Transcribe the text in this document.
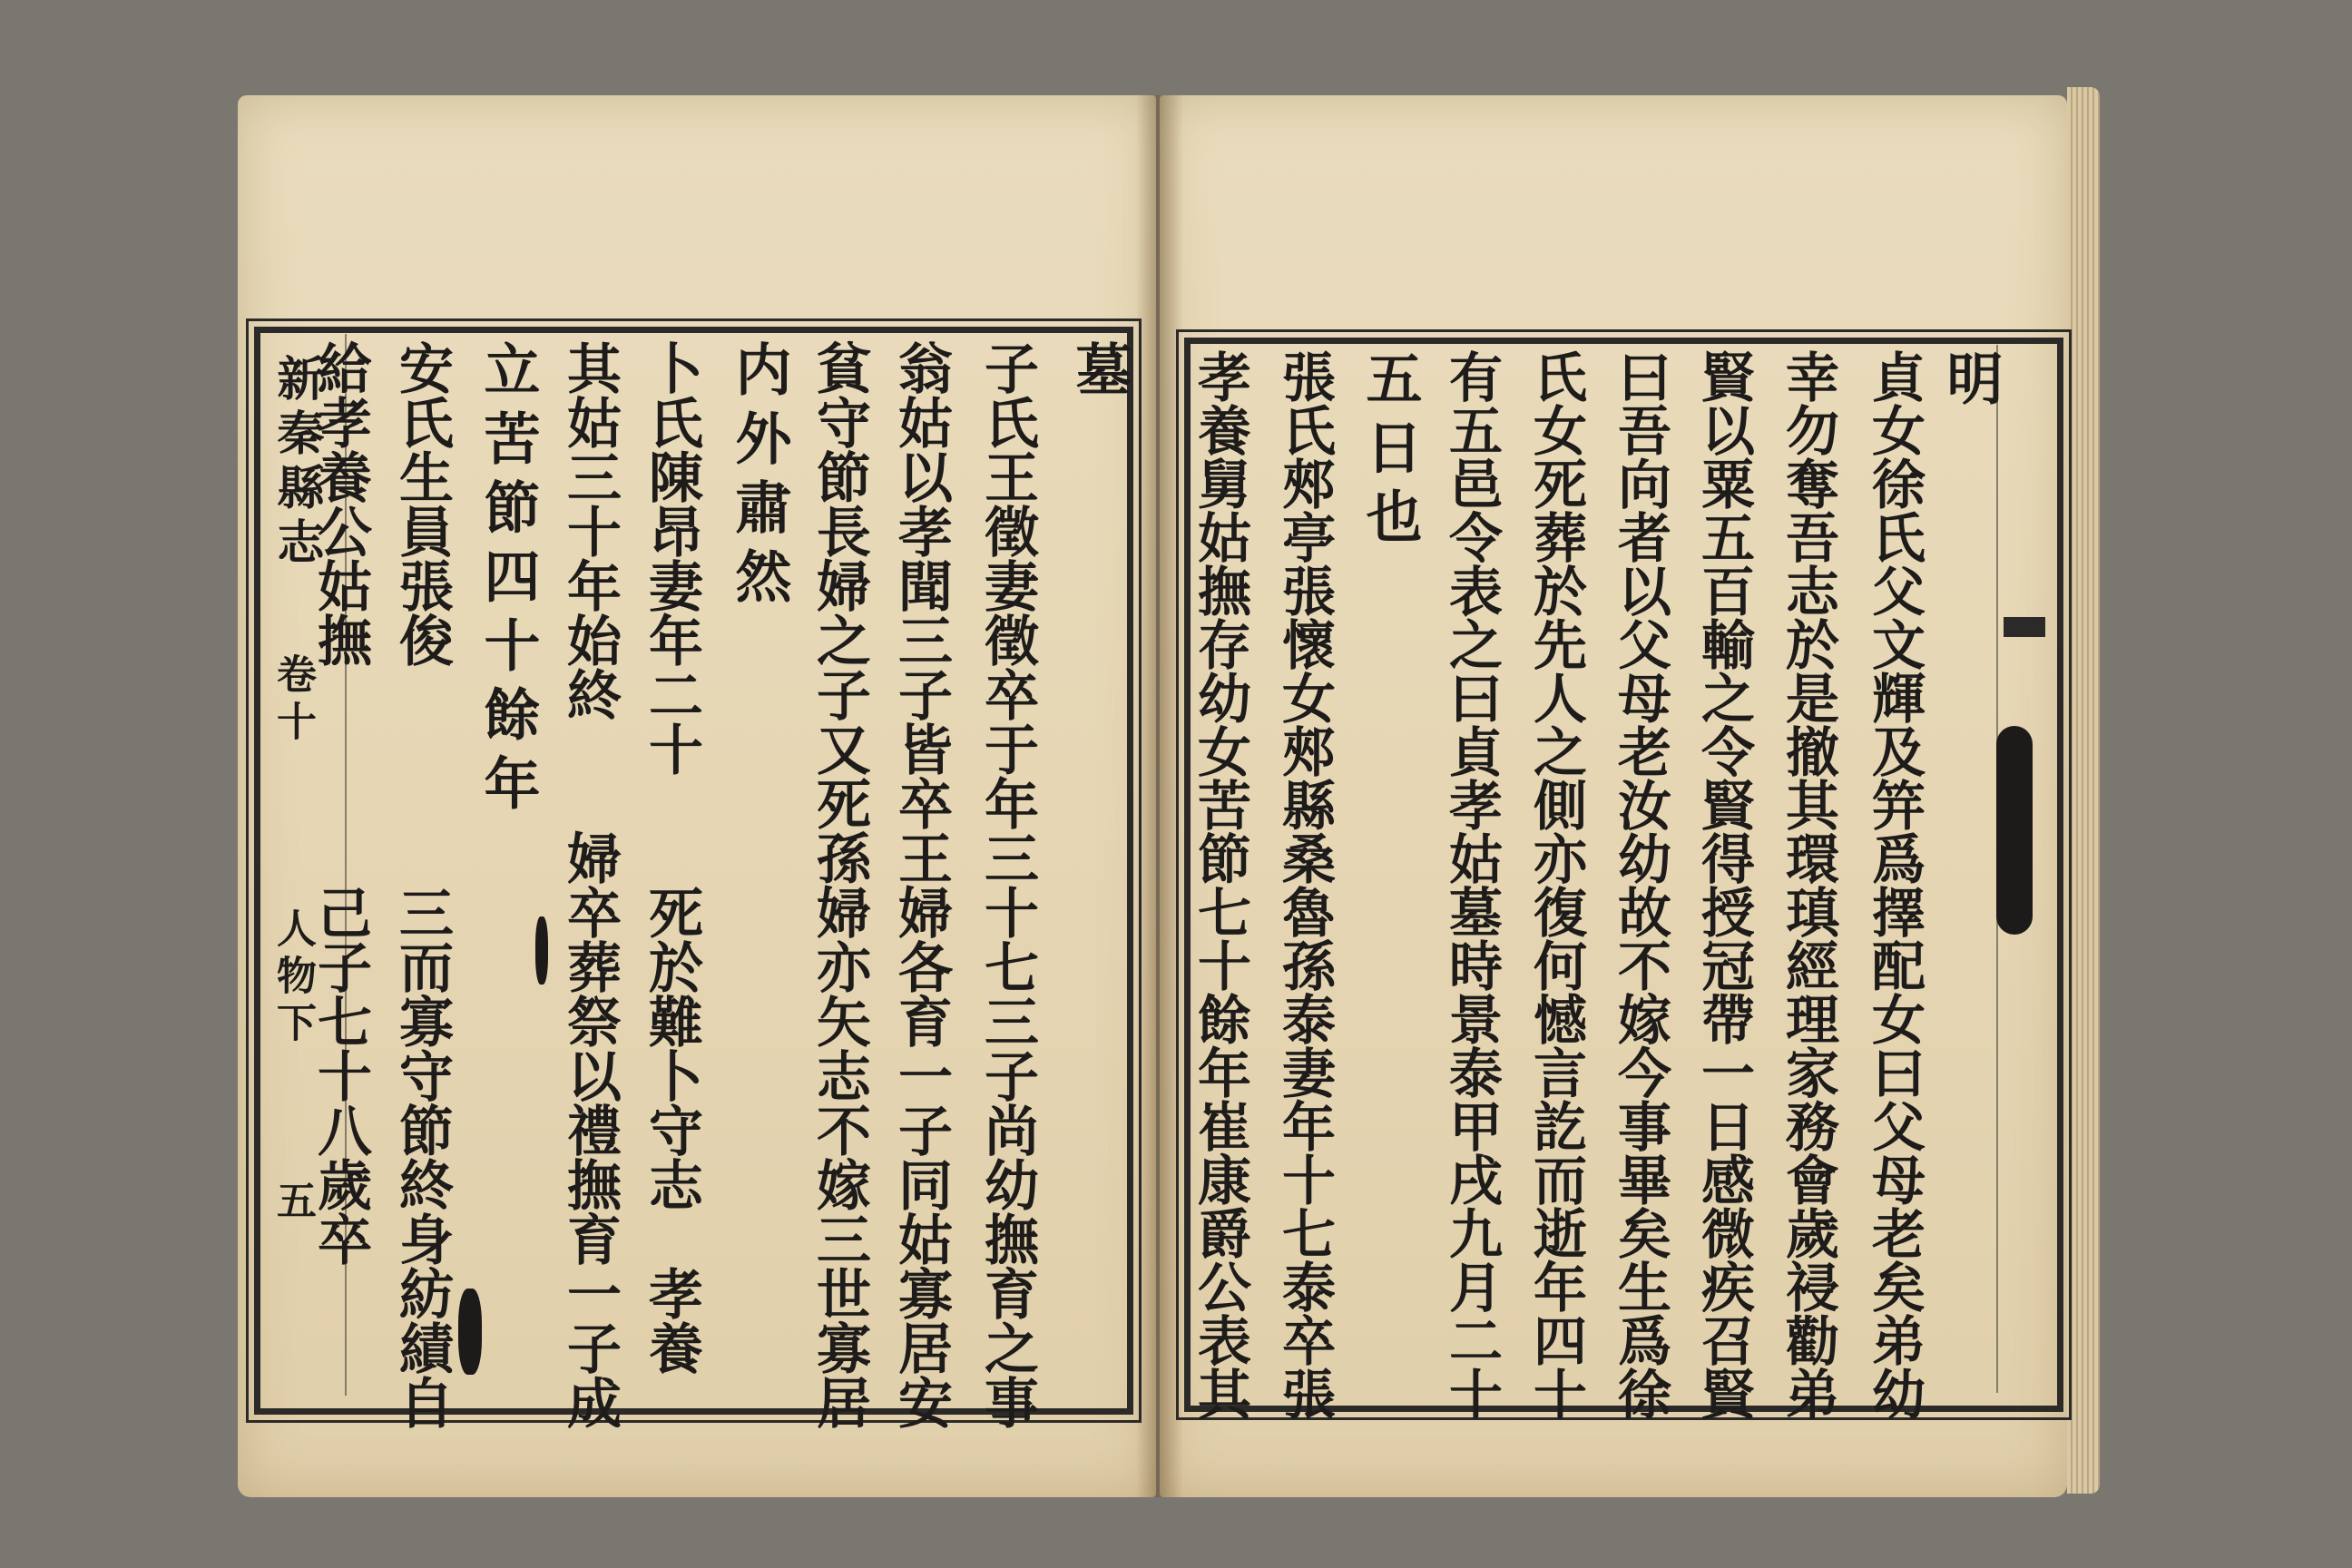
新秦縣志
卷十
人物下
五
墓
子氏王徵妻徵卒于年三十七三子尚幼撫育之事
翁姑以孝聞三子皆卒王婦各育一子同姑寡居安
貧守節長婦之子又死孫婦亦矢志不嫁三世寡居
内外肅然
卜氏陳昂妻年二十　　死於難卜守志　孝養
其姑三十年始終　　婦卒葬祭以禮撫育一子成
立苦節四十餘年
安氏生員張俊　　　　三而寡守節終身紡績自
給孝養公姑撫　　　　己子七十八歲卒	明
貞女徐氏父文輝及笄爲擇配女曰父母老矣弟幼
幸勿奪吾志於是撤其環瑱經理家務會歲祲勸弟
賢以粟五百輸之令賢得授冠帶一日感微疾召賢
曰吾向者以父母老汝幼故不嫁今事畢矣生爲徐
氏女死葬於先人之側亦復何憾言訖而逝年四十
有五邑令表之曰貞孝姑墓時景泰甲戌九月二十
五日也
張氏郟亭張懷女郟縣桑魯孫泰妻年十七泰卒張
孝養舅姑撫存幼女苦節七十餘年崔康爵公表其
